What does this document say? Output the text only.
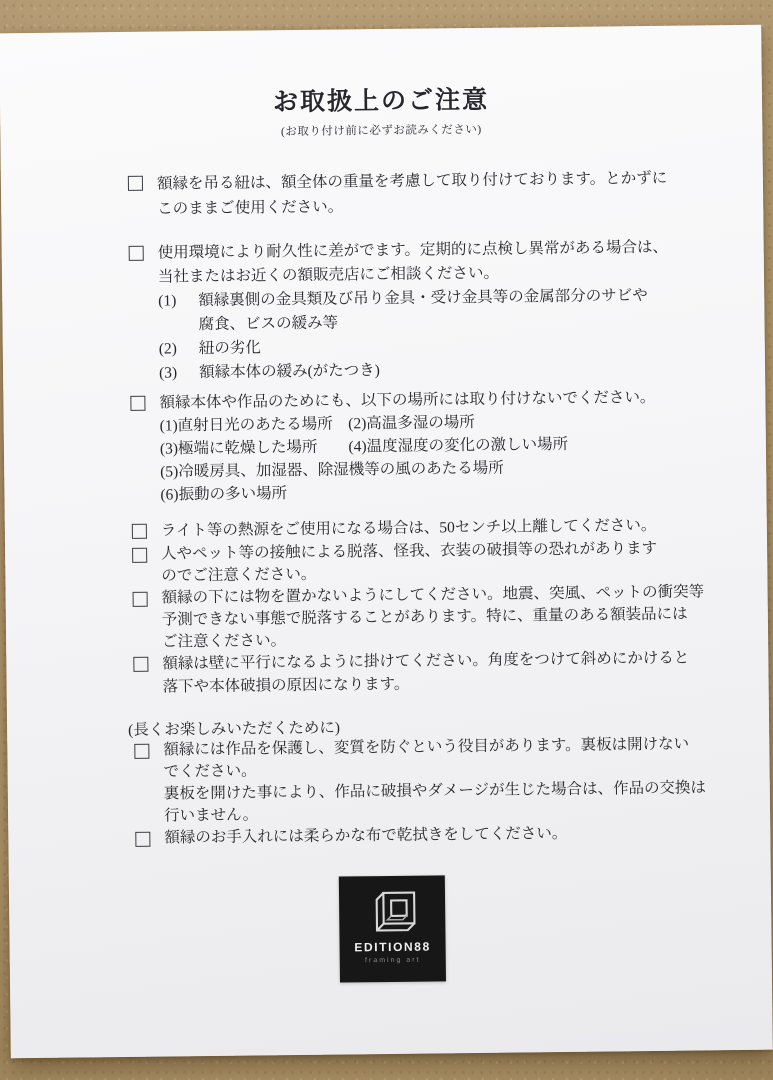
お取扱上のご注意
(お取り付け前に必ずお読みください)
額縁を吊る紐は、額全体の重量を考慮して取り付けております。とかずに
このままご使用ください。
使用環境により耐久性に差がでます。定期的に点検し異常がある場合は、
当社またはお近くの額販売店にご相談ください。
(1)	額縁裏側の金具類及び吊り金具・受け金具等の金属部分のサビや
腐食、ビスの緩み等
(2)	紐の劣化
(3)	額縁本体の緩み(がたつき)
額縁本体や作品のためにも、以下の場所には取り付けないでください。
(1)直射日光のあたる場所　(2)高温多湿の場所
(3)極端に乾燥した場所　　(4)温度湿度の変化の激しい場所
(5)冷暖房具、加湿器、除湿機等の風のあたる場所
(6)振動の多い場所
ライト等の熱源をご使用になる場合は、50センチ以上離してください。
人やペット等の接触による脱落、怪我、衣装の破損等の恐れがあります
のでご注意ください。
額縁の下には物を置かないようにしてください。地震、突風、ペットの衝突等
予測できない事態で脱落することがあります。特に、重量のある額装品には
ご注意ください。
額縁は壁に平行になるように掛けてください。角度をつけて斜めにかけると
落下や本体破損の原因になります。
(長くお楽しみいただくために)
額縁には作品を保護し、変質を防ぐという役目があります。裏板は開けない
でください。
裏板を開けた事により、作品に破損やダメージが生じた場合は、作品の交換は
行いません。
額縁のお手入れには柔らかな布で乾拭きをしてください。
EDITION88
framing art
